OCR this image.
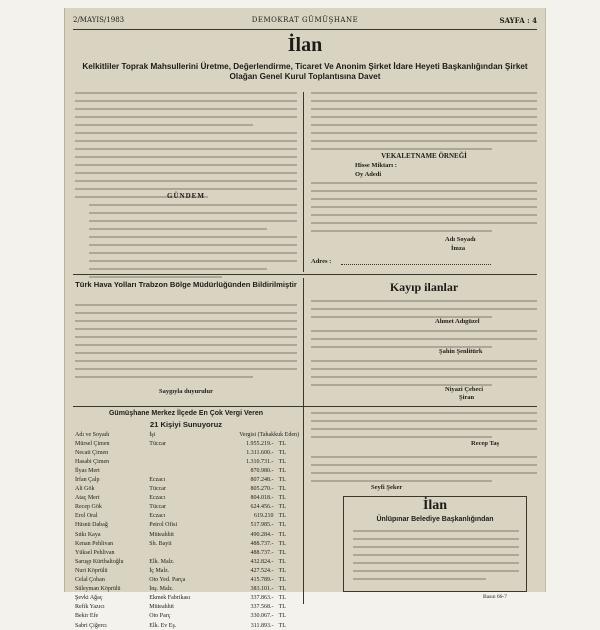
2/MAYIS/1983	DEMOKRAT GÜMÜŞHANE	SAYFA : 4
İlan
Kelkitliler Toprak Mahsullerini Üretme, Değerlendirme, Ticaret Ve Anonim Şirket İdare Heyeti Başkanlığından Şirket Olağan Genel Kurul Toplantısına Davet
GÜNDEM
VEKALETNAME ÖRNEĞİ
Hisse Miktarı :
Oy Adedi
Adı Soyadı
İmza
Adres :
Türk Hava Yolları Trabzon Bölge Müdürlüğünden Bildirilmiştir
Saygıyla duyurulur
Kayıp ilanlar
Ahmet Adıgüzel
Şahin Şenlitürk
Niyazi Çebeci
Şiran
Gümüşhane Merkez İlçede En Çok Vergi Veren
21 Kişiyi Sunuyoruz
Adı ve Soyadı	İşi	Vergisi (Tahakkuk Eden)	
Mürsel Çimen	Tüccar	1.955.219.-	TL
Necati Çimen		1.311.600.-	TL
Hasabi Çimen		1.310.731.-	TL
İlyas Mert		870.980.-	TL
İrfan Çalp	Eczacı	807.248.-	TL
Ali Gök	Tüccar	805.270.-	TL
Ataç Mert	Eczacı	804.018.-	TL
Recep Gök	Tüccar	624.456.-	TL
Erol Oral	Eczacı	619.210	TL
Hüsnü Dabağ	Petrol Ofisi	517.985.-	TL
Sıtkı Kaya	Müteahhit	490.284.-	TL
Kenan Pehlivan	Sh. Bayii	488.737.-	TL
Yüksel Pehlivan		488.737.-	TL
Saruşp Kürtbaltoğlu	Elk. Malz.	432.824.-	TL
Nuri Köprülü	İç Malz.	427.524.-	TL
Celal Çoban	Oto Yed. Parça	415.789.-	TL
Süleyman Köprülü	İnş. Malz.	383.101.-	TL
Şevki Ağaç	Ekmek Fabrikası	337.863.-	TL
Refik Yazıcı	Müteahhit	337.568.-	TL
Bekir Efe	Oto Parç	330.067.-	TL
Sabri Çiğercı	Elk. Ev Eş.	311.893.-	TL
Recep Taş
Seyfi Şeker
İlan
Ünlüpınar Belediye Başkanlığından
Basın 66-7
